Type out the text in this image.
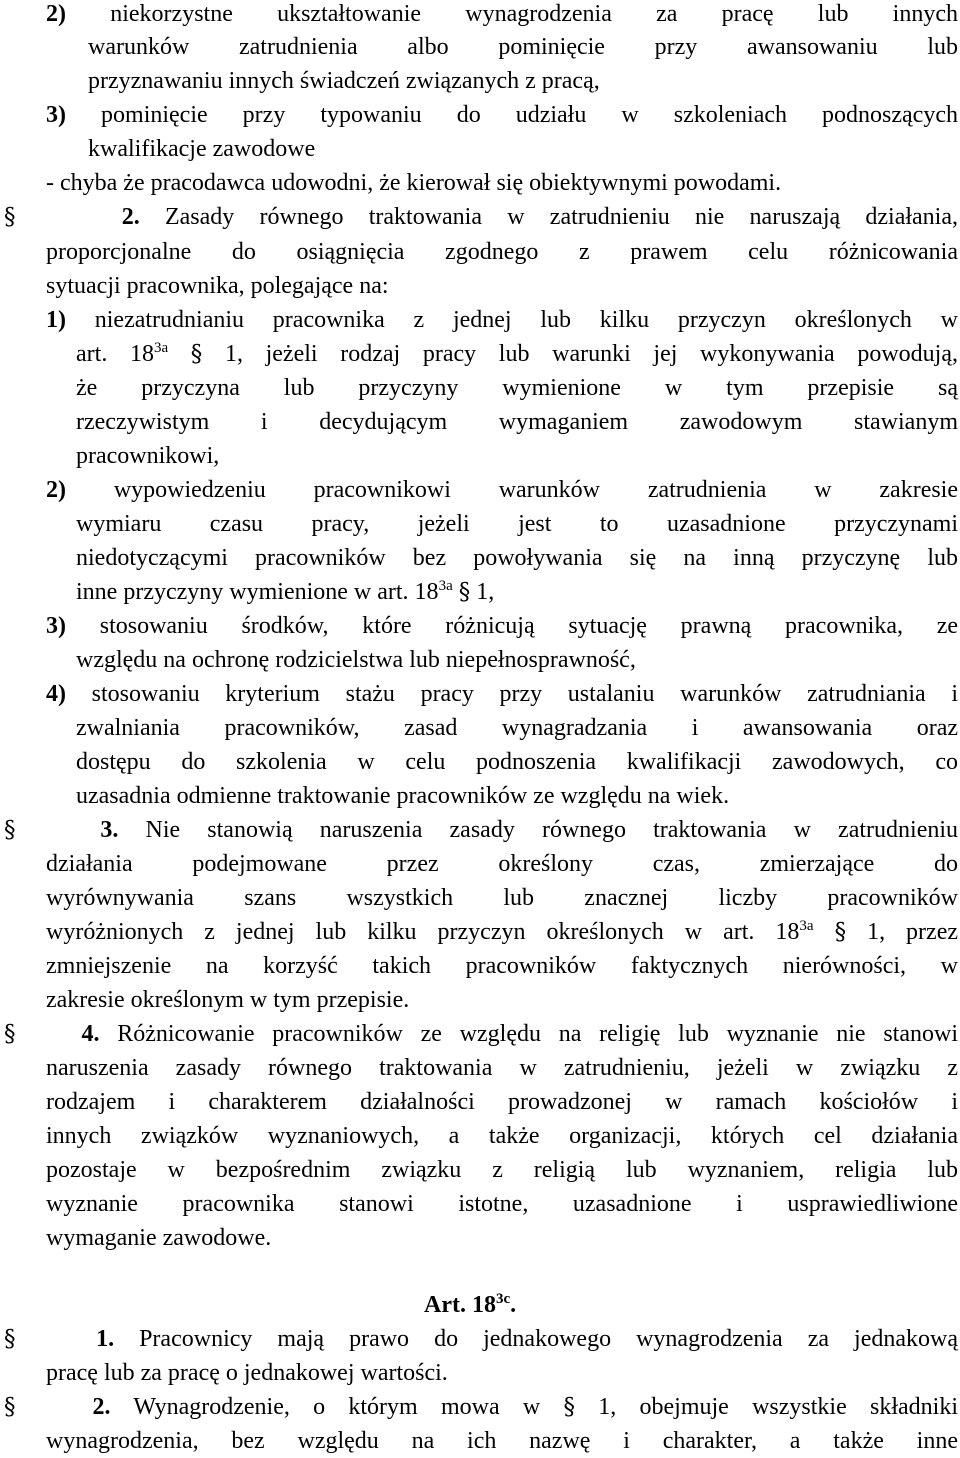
2) niekorzystne ukształtowanie wynagrodzenia za pracę lub innych
warunków zatrudnienia albo pominięcie przy awansowaniu lub
przyznawaniu innych świadczeń związanych z pracą,
3) pominięcie przy typowaniu do udziału w szkoleniach podnoszących
kwalifikacje zawodowe
- chyba że pracodawca udowodni, że kierował się obiektywnymi powodami.
§	2. Zasady równego traktowania w zatrudnieniu nie naruszają działania,
proporcjonalne do osiągnięcia zgodnego z prawem celu różnicowania
sytuacji pracownika, polegające na:
1) niezatrudnianiu pracownika z jednej lub kilku przyczyn określonych w
art. $18^{3a}$ § 1, jeżeli rodzaj pracy lub warunki jej wykonywania powodują,
że przyczyna lub przyczyny wymienione w tym przepisie są
rzeczywistym i decydującym wymaganiem zawodowym stawianym
pracownikowi,
2) wypowiedzeniu pracownikowi warunków zatrudnienia w zakresie
wymiaru czasu pracy, jeżeli jest to uzasadnione przyczynami
niedotyczącymi pracowników bez powoływania się na inną przyczynę lub
inne przyczyny wymienione w art. $18^{3a}$ § 1,
3) stosowaniu środków, które różnicują sytuację prawną pracownika, ze
względu na ochronę rodzicielstwa lub niepełnosprawność,
4) stosowaniu kryterium stażu pracy przy ustalaniu warunków zatrudniania i
zwalniania pracowników, zasad wynagradzania i awansowania oraz
dostępu do szkolenia w celu podnoszenia kwalifikacji zawodowych, co
uzasadnia odmienne traktowanie pracowników ze względu na wiek.
§	3. Nie stanowią naruszenia zasady równego traktowania w zatrudnieniu
działania podejmowane przez określony czas, zmierzające do
wyrównywania szans wszystkich lub znacznej liczby pracowników
wyróżnionych z jednej lub kilku przyczyn określonych w art. $18^{3a}$ § 1, przez
zmniejszenie na korzyść takich pracowników faktycznych nierówności, w
zakresie określonym w tym przepisie.
§	4. Różnicowanie pracowników ze względu na religię lub wyznanie nie stanowi
naruszenia zasady równego traktowania w zatrudnieniu, jeżeli w związku z
rodzajem i charakterem działalności prowadzonej w ramach kościołów i
innych związków wyznaniowych, a także organizacji, których cel działania
pozostaje w bezpośrednim związku z religią lub wyznaniem, religia lub
wyznanie pracownika stanowi istotne, uzasadnione i usprawiedliwione
wymaganie zawodowe.
Art. $18^{3c}$.
§	1. Pracownicy mają prawo do jednakowego wynagrodzenia za jednakową
pracę lub za pracę o jednakowej wartości.
§	2. Wynagrodzenie, o którym mowa w § 1, obejmuje wszystkie składniki
wynagrodzenia, bez względu na ich nazwę i charakter, a także inne
